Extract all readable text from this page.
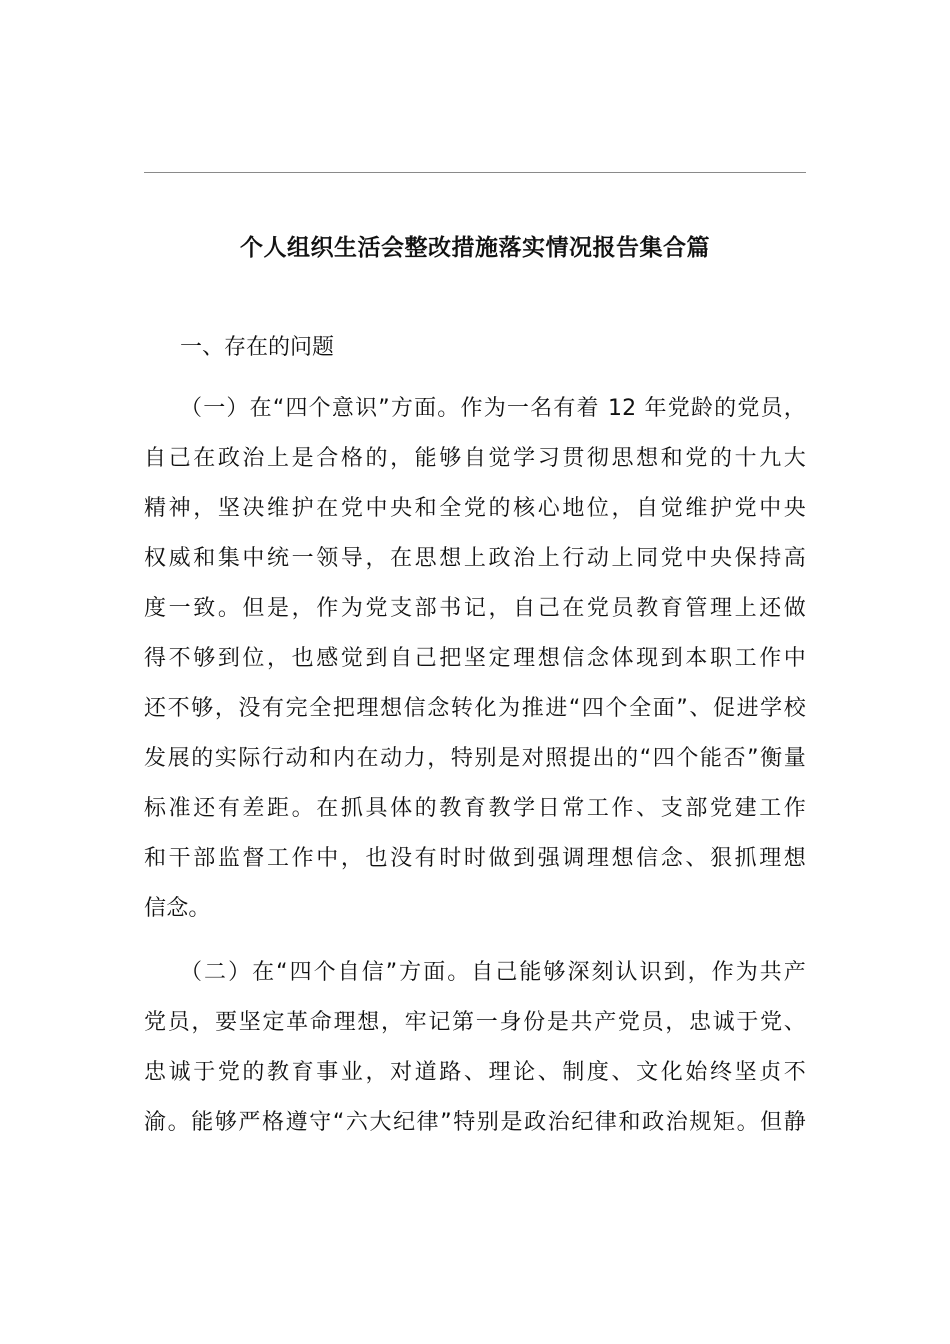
个人组织生活会整改措施落实情况报告集合篇

一、存在的问题

（一）在“四个意识”方面。作为一名有着 12 年党龄的党员，
自己在政治上是合格的，能够自觉学习贯彻思想和党的十九大
精神，坚决维护在党中央和全党的核心地位，自觉维护党中央
权威和集中统一领导，在思想上政治上行动上同党中央保持高
度一致。但是，作为党支部书记，自己在党员教育管理上还做
得不够到位，也感觉到自己把坚定理想信念体现到本职工作中
还不够，没有完全把理想信念转化为推进“四个全面”、促进学校
发展的实际行动和内在动力，特别是对照提出的“四个能否”衡量
标准还有差距。在抓具体的教育教学日常工作、支部党建工作
和干部监督工作中，也没有时时做到强调理想信念、狠抓理想
信念。
（二）在“四个自信”方面。自己能够深刻认识到，作为共产
党员，要坚定革命理想，牢记第一身份是共产党员，忠诚于党、
忠诚于党的教育事业，对道路、理论、制度、文化始终坚贞不
渝。能够严格遵守“六大纪律”特别是政治纪律和政治规矩。但静
